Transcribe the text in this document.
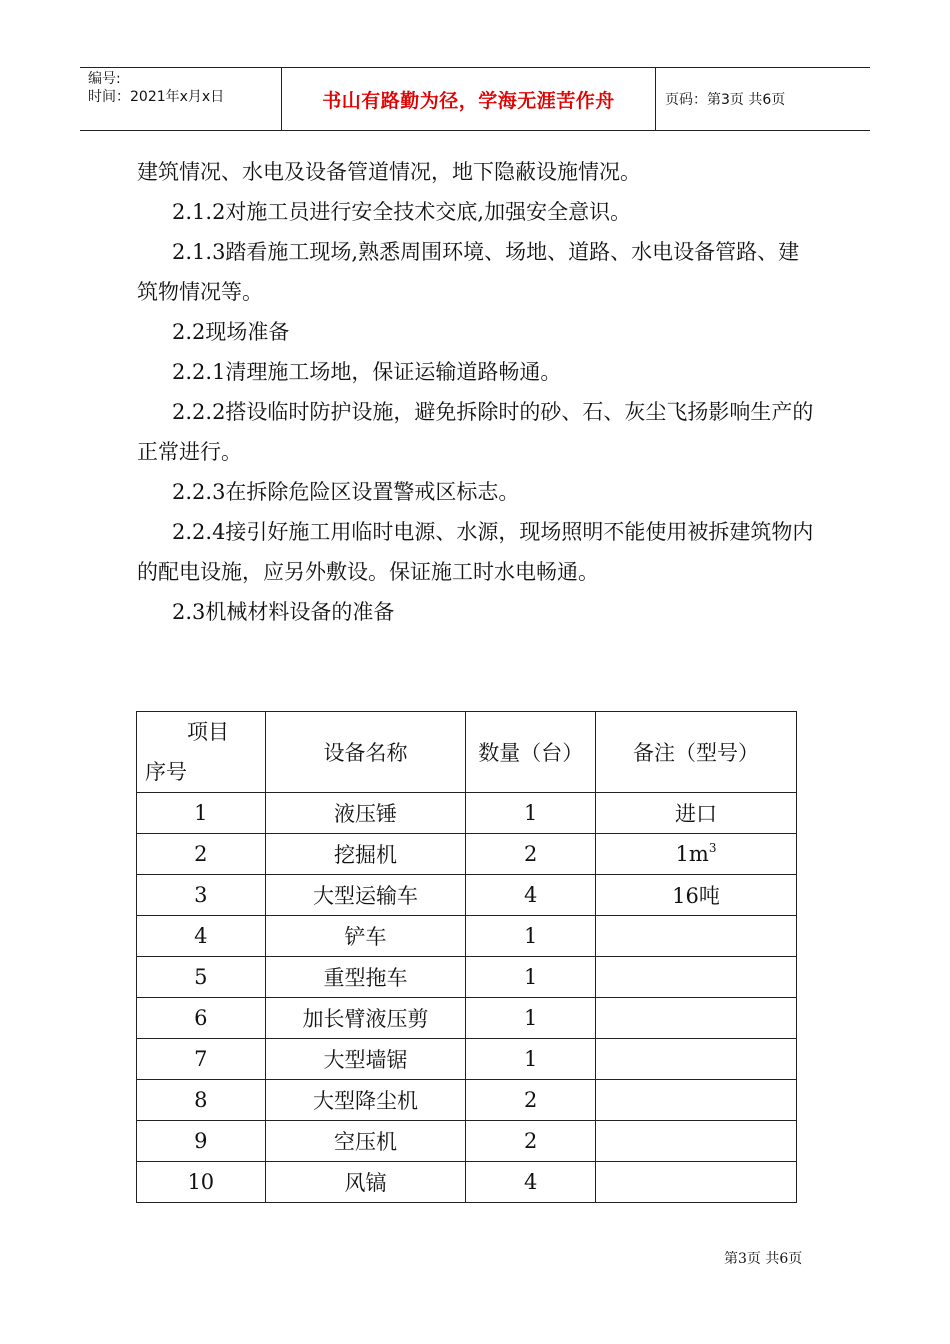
编号:
时间：2021年x月x日	书山有路勤为径，学海无涯苦作舟	页码：第3页 共6页

建筑情况、水电及设备管道情况，地下隐蔽设施情况。

2.1.2对施工员进行安全技术交底,加强安全意识。

2.1.3踏看施工现场,熟悉周围环境、场地、道路、水电设备管路、建筑物情况等。

2.2现场准备

2.2.1清理施工场地，保证运输道路畅通。

2.2.2搭设临时防护设施，避免拆除时的砂、石、灰尘飞扬影响生产的正常进行。

2.2.3在拆除危险区设置警戒区标志。

2.2.4接引好施工用临时电源、水源，现场照明不能使用被拆建筑物内的配电设施，应另外敷设。保证施工时水电畅通。

2.3机械材料设备的准备

项目
序号	设备名称	数量（台）	备注（型号）
1	液压锤	1	进口
2	挖掘机	2	$1m^3$
3	大型运输车	4	16吨
4	铲车	1	
5	重型拖车	1	
6	加长臂液压剪	1	
7	大型墙锯	1	
8	大型降尘机	2	
9	空压机	2	
10	风镐	4	
第3页 共6页
